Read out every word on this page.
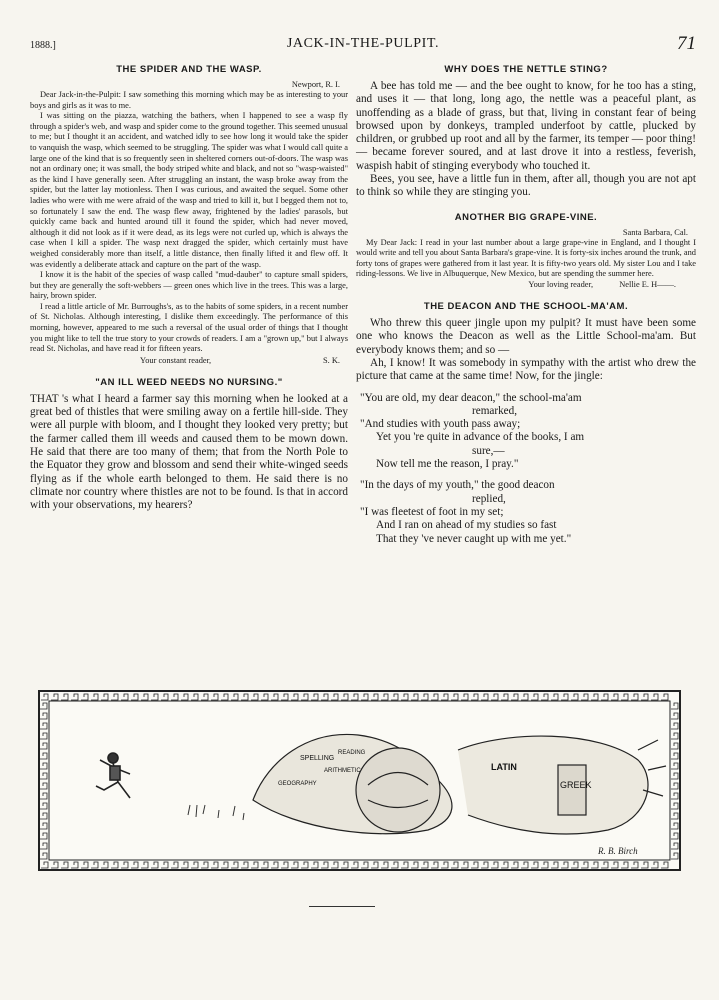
1888.]	JACK-IN-THE-PULPIT.	71
THE SPIDER AND THE WASP.
Newport, R. I.

Dear Jack-in-the-Pulpit: I saw something this morning which may be as interesting to your boys and girls as it was to me.

I was sitting on the piazza, watching the bathers, when I happened to see a wasp fly through a spider's web, and wasp and spider come to the ground together. This seemed unusual to me; but I thought it an accident, and watched idly to see how long it would take the spider to vanquish the wasp, which seemed to be struggling. The spider was what I would call quite a large one of the kind that is so frequently seen in sheltered corners out-of-doors. The wasp was not an ordinary one; it was small, the body striped white and black, and not so "wasp-waisted" as the kind I have generally seen. After struggling an instant, the wasp broke away from the spider, but the latter lay motionless. Then I was curious, and awaited the sequel. Some other ladies who were with me were afraid of the wasp and tried to kill it, but I begged them not to, so fortunately I saw the end. The wasp flew away, frightened by the ladies' parasols, but quickly came back and hunted around till it found the spider, which had never moved, although it did not look as if it were dead, as its legs were not curled up, which is always the case when I kill a spider. The wasp next dragged the spider, which certainly must have weighed considerably more than itself, a little distance, then finally lifted it and flew off. It was evidently a deliberate attack and capture on the part of the wasp.

I know it is the habit of the species of wasp called "mud-dauber" to capture small spiders, but they are generally the soft-webbers — green ones which live in the trees. This was a large, hairy, brown spider.

I read a little article of Mr. Burroughs's, as to the habits of some spiders, in a recent number of St. Nicholas. Although interesting, I dislike them exceedingly. The performance of this morning, however, appeared to me such a reversal of the usual order of things that I thought you might like to tell the true story to your crowds of readers. I am a "grown up," but I always read St. Nicholas, and have read it for fifteen years.

Your constant reader,	S. K.
"AN ILL WEED NEEDS NO NURSING."

THAT 's what I heard a farmer say this morning when he looked at a great bed of thistles that were smiling away on a fertile hill-side. They were all purple with bloom, and I thought they looked very pretty; but the farmer called them ill weeds and caused them to be mown down. He said that there are too many of them; that from the North Pole to the Equator they grow and blossom and send their white-winged seeds flying as if the whole earth belonged to them. He said there is no climate nor country where thistles are not to be found. Is that in accord with your observations, my hearers?

WHY DOES THE NETTLE STING?

A bee has told me — and the bee ought to know, for he too has a sting, and uses it — that long, long ago, the nettle was a peaceful plant, as unoffending as a blade of grass, but that, living in constant fear of being browsed upon by donkeys, trampled underfoot by cattle, plucked by children, or grubbed up root and all by the farmer, its temper — poor thing! — became forever soured, and at last drove it into a restless, feverish, waspish habit of stinging everybody who touched it.

Bees, you see, have a little fun in them, after all, though you are not apt to think so while they are stinging you.

ANOTHER BIG GRAPE-VINE.
Santa Barbara, Cal.

My Dear Jack: I read in your last number about a large grape-vine in England, and I thought I would write and tell you about Santa Barbara's grape-vine. It is forty-six inches around the trunk, and forty tons of grapes were gathered from it last year. It is fifty-two years old. My sister Lou and I take riding-lessons. We live in Albuquerque, New Mexico, but are spending the summer here.

Your loving reader,	Nellie E. H——.
THE DEACON AND THE SCHOOL-MA'AM.

Who threw this queer jingle upon my pulpit? It must have been some one who knows the Deacon as well as the Little School-ma'am. But everybody knows them; and so —

Ah, I know! It was somebody in sympathy with the artist who drew the picture that came at the same time! Now, for the jingle:

"You are old, my dear deacon," the school-ma'am
remarked,
"And studies with youth pass away;
Yet you 're quite in advance of the books, I am
sure,—
Now tell me the reason, I pray."
"In the days of my youth," the good deacon
replied,
"I was fleetest of foot in my set;
And I ran on ahead of my studies so fast
That they 've never caught up with me yet."
LATIN
GREEK
SPELLING
ARITHMETIC
READING
GEOGRAPHY
R. B. Birch
